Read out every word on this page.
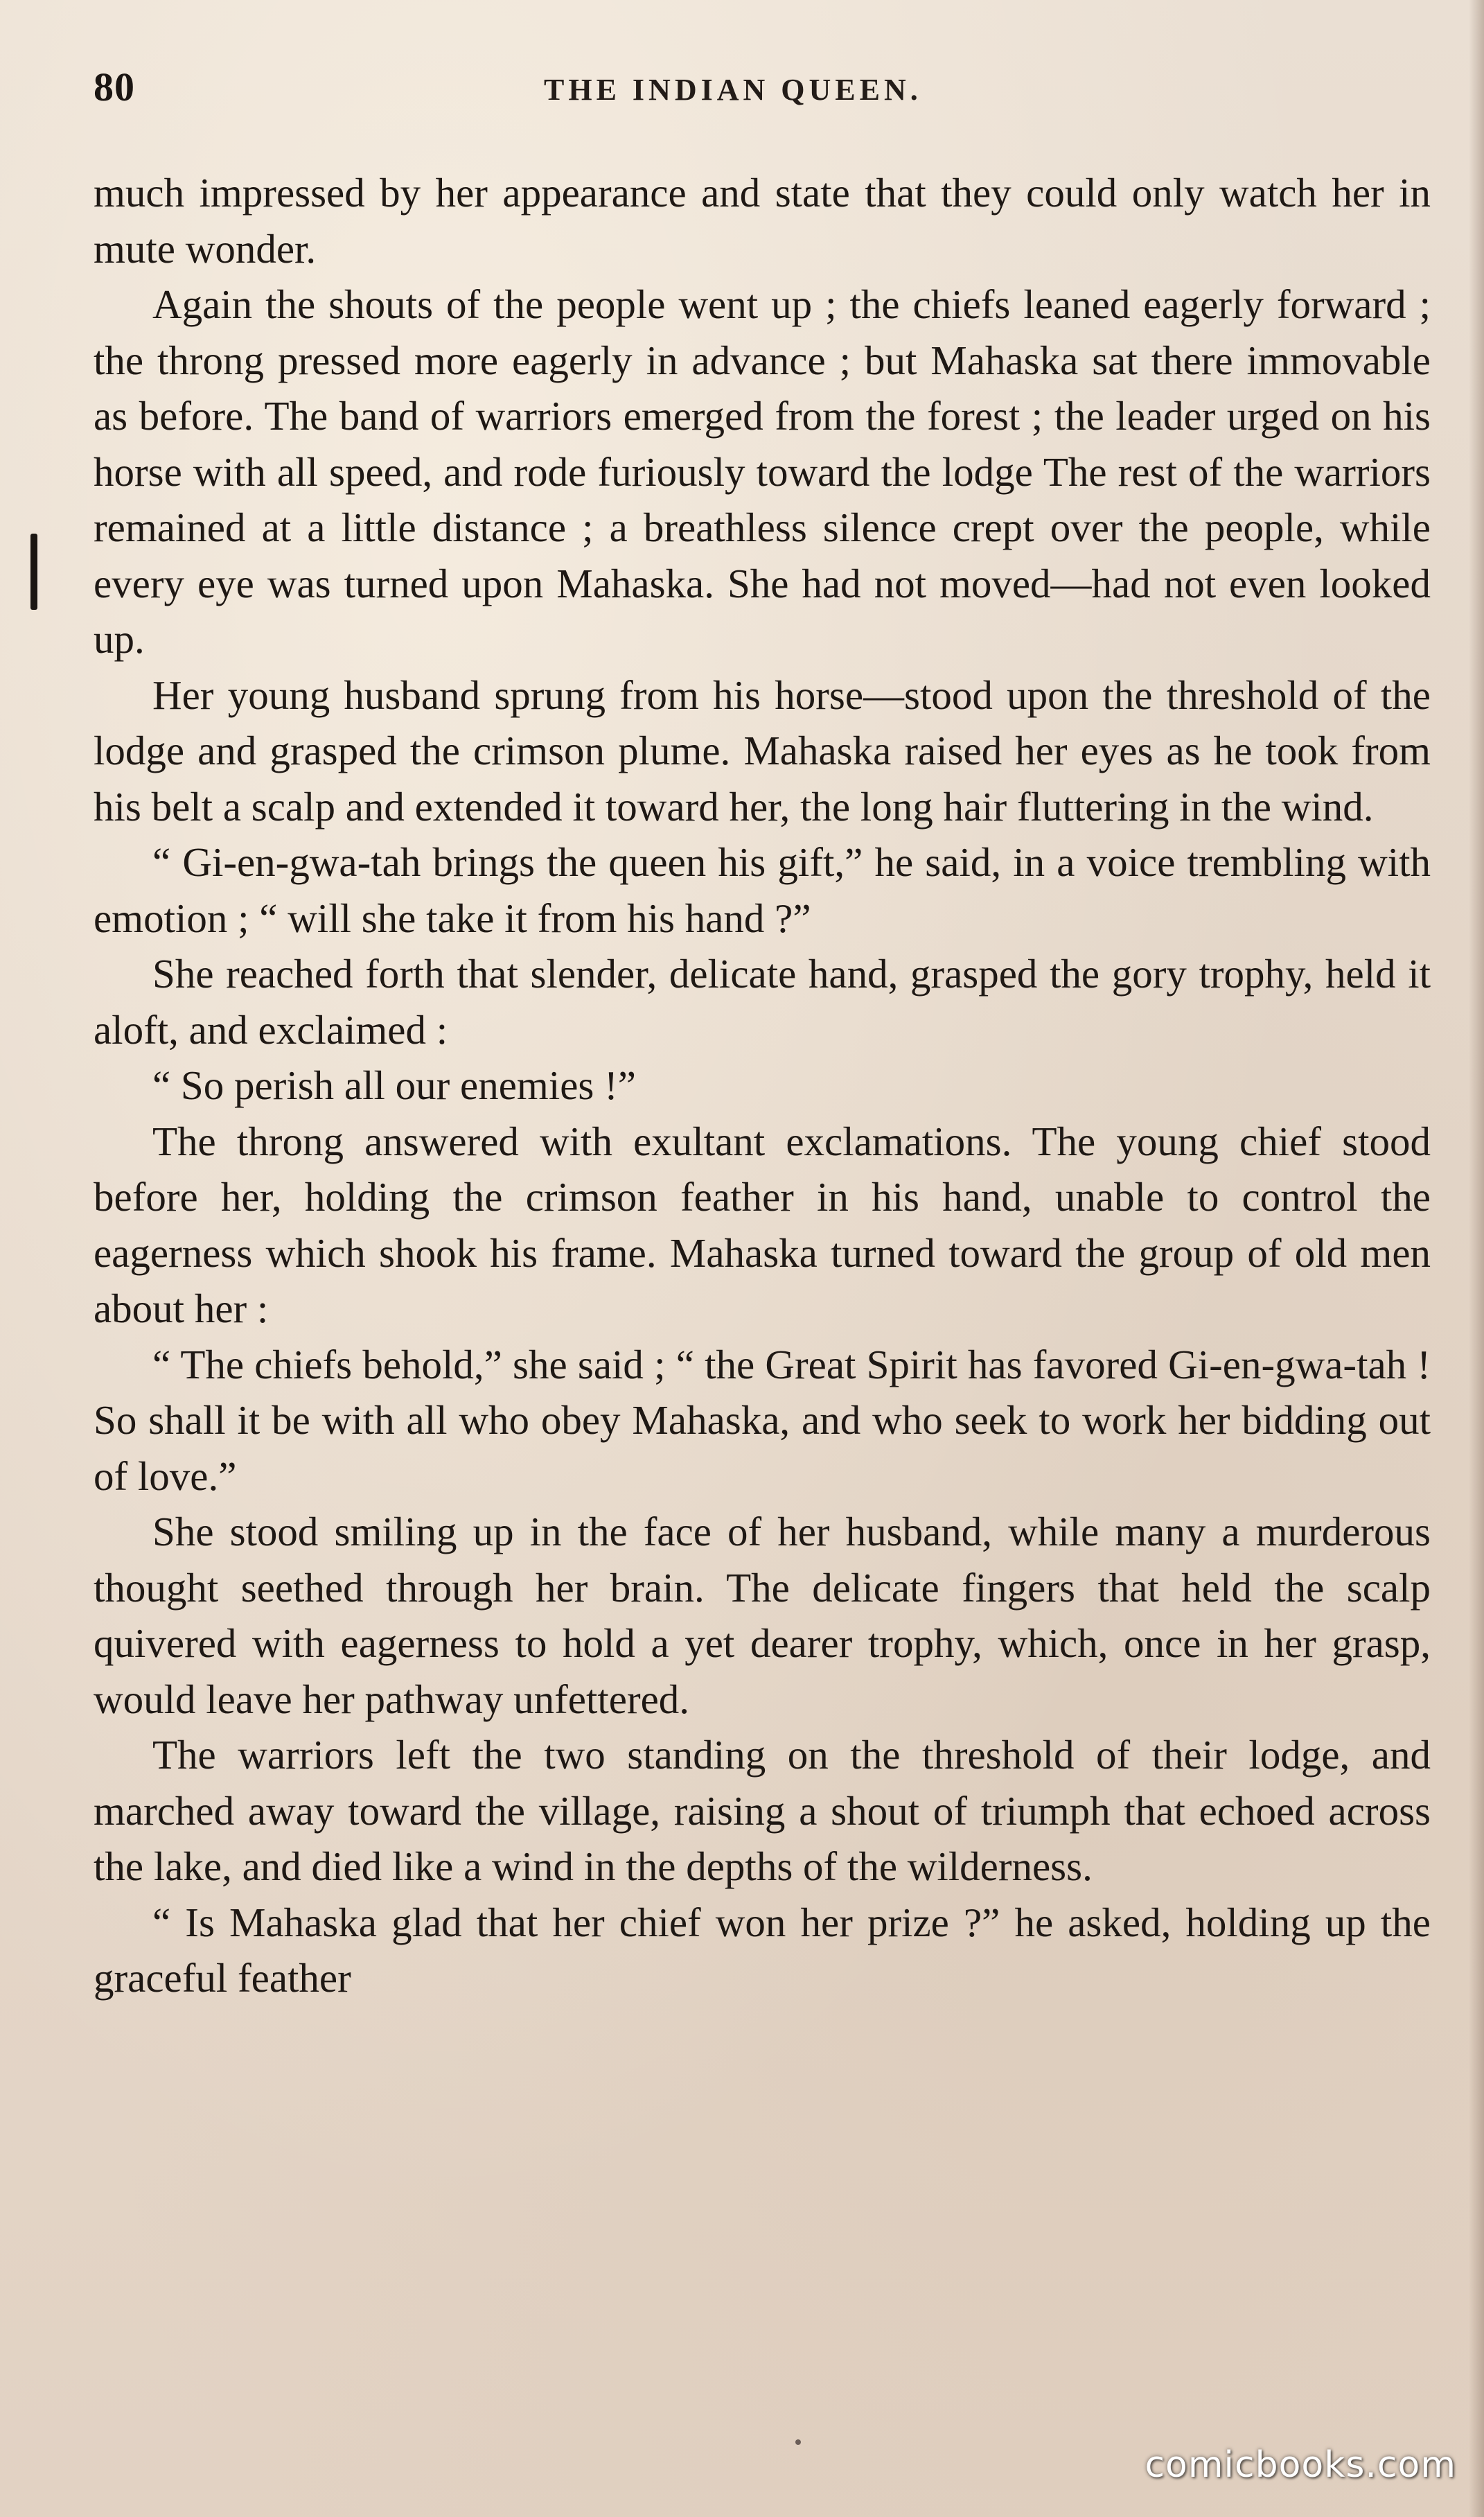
80	THE INDIAN QUEEN.

much impressed by her appearance and state that they could only watch her in mute wonder.

Again the shouts of the people went up ; the chiefs leaned eagerly forward ; the throng pressed more eagerly in advance ; but Mahaska sat there immovable as before. The band of warriors emerged from the forest ; the leader urged on his horse with all speed, and rode furiously toward the lodge The rest of the warriors remained at a little distance ; a breathless silence crept over the people, while every eye was turned upon Mahaska. She had not moved—had not even looked up.

Her young husband sprung from his horse—stood upon the threshold of the lodge and grasped the crimson plume. Mahaska raised her eyes as he took from his belt a scalp and extended it toward her, the long hair fluttering in the wind.

“ Gi-en-gwa-tah brings the queen his gift,” he said, in a voice trembling with emotion ; “ will she take it from his hand ?”

She reached forth that slender, delicate hand, grasped the gory trophy, held it aloft, and exclaimed :

“ So perish all our enemies !”

The throng answered with exultant exclamations. The young chief stood before her, holding the crimson feather in his hand, unable to control the eagerness which shook his frame. Mahaska turned toward the group of old men about her :

“ The chiefs behold,” she said ; “ the Great Spirit has favored Gi-en-gwa-tah ! So shall it be with all who obey Mahaska, and who seek to work her bidding out of love.”

She stood smiling up in the face of her husband, while many a murderous thought seethed through her brain. The delicate fingers that held the scalp quivered with eagerness to hold a yet dearer trophy, which, once in her grasp, would leave her pathway unfettered.

The warriors left the two standing on the threshold of their lodge, and marched away toward the village, raising a shout of triumph that echoed across the lake, and died like a wind in the depths of the wilderness.

“ Is Mahaska glad that her chief won her prize ?” he asked, holding up the graceful feather

comicbooks.com
